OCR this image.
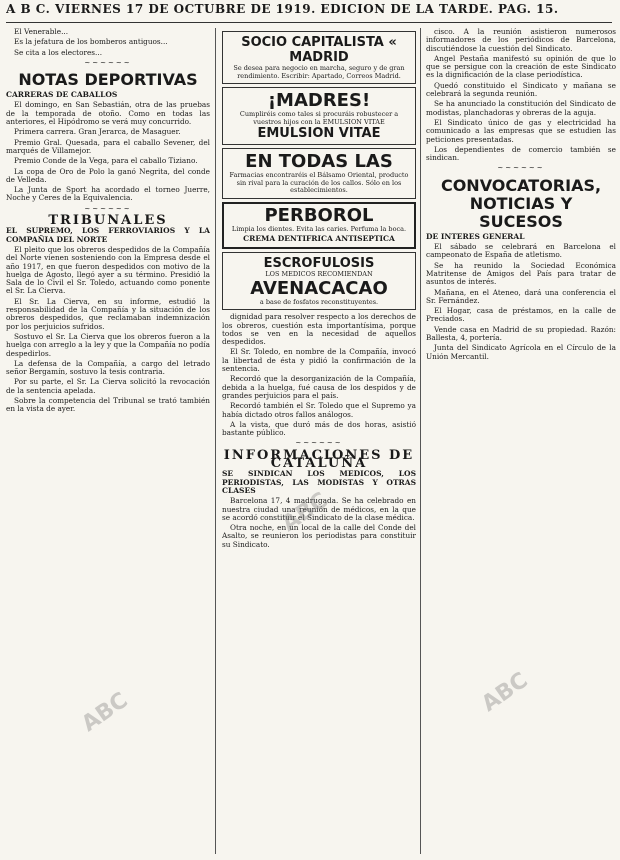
A B C. VIERNES 17 DE OCTUBRE DE 1919. EDICION DE LA TARDE. PAG. 15.

El Venerable...

Es la jefatura de los bomberos antiguos...

Se cita a los electores...

~~~~~~
NOTAS DEPORTIVAS
CARRERAS DE CABALLOS

El domingo, en San Sebastián, otra de las pruebas de la temporada de otoño. Como en todas las anteriores, el Hipódromo se verá muy concurrido.

Primera carrera. Gran Jerarca, de Masaguer.

Premio Gral. Quesada, para el caballo Sevener, del marqués de Villamejor.

Premio Conde de la Vega, para el caballo Tiziano.

La copa de Oro de Polo la ganó Negrita, del conde de Velleda.

La Junta de Sport ha acordado el torneo Juerre, Noche y Ceres de la Equivalencia.

~~~~~~
TRIBUNALES
EL SUPREMO, LOS FERROVIARIOS Y LA COMPAÑIA DEL NORTE

El pleito que los obreros despedidos de la Compañía del Norte vienen sosteniendo con la Empresa desde el año 1917, en que fueron despedidos con motivo de la huelga de Agosto, llegó ayer a su término. Presidió la Sala de lo Civil el Sr. Toledo, actuando como ponente el Sr. La Cierva.

El Sr. La Cierva, en su informe, estudió la responsabilidad de la Compañía y la situación de los obreros despedidos, que reclamaban indemnización por los perjuicios sufridos.

Sostuvo el Sr. La Cierva que los obreros fueron a la huelga con arreglo a la ley y que la Compañía no podía despedirlos.

La defensa de la Compañía, a cargo del letrado señor Bergamín, sostuvo la tesis contraria.

Por su parte, el Sr. La Cierva solicitó la revocación de la sentencia apelada.

Sobre la competencia del Tribunal se trató también en la vista de ayer.

SOCIO CAPITALISTA « MADRID
Se desea para negocio en marcha, seguro y de gran rendimiento. Escribir: Apartado, Correos Madrid.
¡MADRES!
Cumpliréis como tales si procuráis robustecer a vuestros hijos con la EMULSION VITAE
EMULSION VITAE
EN TODAS LAS
Farmacias encontraréis el Bálsamo Oriental, producto sin rival para la curación de los callos. Sólo en los establecimientos.
PERBOROL
Limpia los dientes. Evita las caries. Perfuma la boca.
CREMA DENTIFRICA ANTISEPTICA
ESCROFULOSIS
LOS MEDICOS RECOMIENDAN
AVENACACAO
a base de fosfatos reconstituyentes.

dignidad para resolver respecto a los derechos de los obreros, cuestión esta importantísima, porque todos se ven en la necesidad de aquellos despedidos.

El Sr. Toledo, en nombre de la Compañía, invocó la libertad de ésta y pidió la confirmación de la sentencia.

Recordó que la desorganización de la Compañía, debida a la huelga, fué causa de los despidos y de grandes perjuicios para el país.

Recordó también el Sr. Toledo que el Supremo ya había dictado otros fallos análogos.

A la vista, que duró más de dos horas, asistió bastante público.

~~~~~~
INFORMACIONES DE CATALUÑA
SE SINDICAN LOS MEDICOS, LOS PERIODISTAS, LAS MODISTAS Y OTRAS CLASES

Barcelona 17, 4 madrugada. Se ha celebrado en nuestra ciudad una reunión de médicos, en la que se acordó constituir el Sindicato de la clase médica.

Otra noche, en un local de la calle del Conde del Asalto, se reunieron los periodistas para constituir su Sindicato.

cisco. A la reunión asistieron numerosos informadores de los periódicos de Barcelona, discutiéndose la cuestión del Sindicato.

Angel Pestaña manifestó su opinión de que lo que se persigue con la creación de este Sindicato es la dignificación de la clase periodística.

Quedó constituido el Sindicato y mañana se celebrará la segunda reunión.

Se ha anunciado la constitución del Sindicato de modistas, planchadoras y obreras de la aguja.

El Sindicato único de gas y electricidad ha comunicado a las empresas que se estudien las peticiones presentadas.

Los dependientes de comercio también se sindican.

~~~~~~
CONVOCATORIAS, NOTICIAS Y SUCESOS
DE INTERES GENERAL

El sábado se celebrará en Barcelona el campeonato de España de atletismo.

Se ha reunido la Sociedad Económica Matritense de Amigos del País para tratar de asuntos de interés.

Mañana, en el Ateneo, dará una conferencia el Sr. Fernández.

El Hogar, casa de préstamos, en la calle de Preciados.

Vende casa en Madrid de su propiedad. Razón: Ballesta, 4, portería.

Junta del Sindicato Agrícola en el Círculo de la Unión Mercantil.

ABC
ABC
ABC
